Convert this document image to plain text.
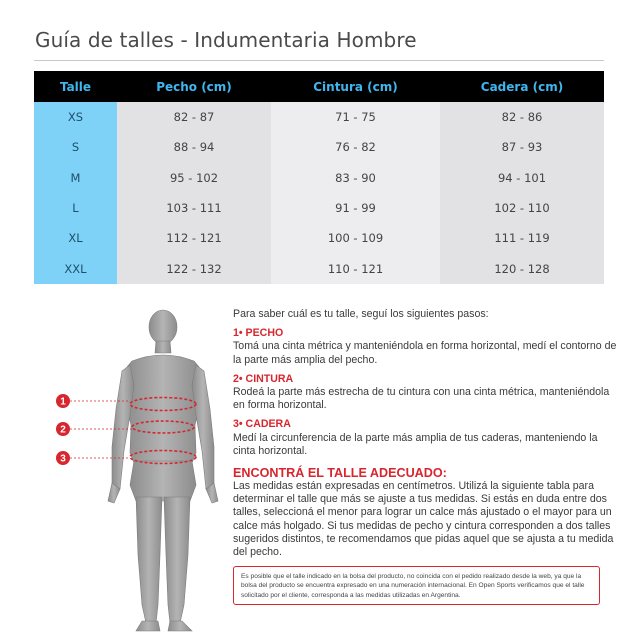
Guía de talles - Indumentaria Hombre
Talle	Pecho (cm)	Cintura (cm)	Cadera (cm)
XS	82 - 87	71 - 75	82 - 86
S	88 - 94	76 - 82	87 - 93
M	95 - 102	83 - 90	94 - 101
L	103 - 111	91 - 99	102 - 110
XL	112 - 121	100 - 109	111 - 119
XXL	122 - 132	110 - 121	120 - 128
1
2
3

Para saber cuál es tu talle, seguí los siguientes pasos:

1• PECHO

Tomá una cinta métrica y manteniéndola en forma horizontal, medí el contorno de la parte más amplia del pecho.

2• CINTURA

Rodeá la parte más estrecha de tu cintura con una cinta métrica, manteniéndola en forma horizontal.

3• CADERA

Medí la circunferencia de la parte más amplia de tus caderas, manteniendo la cinta horizontal.

ENCONTRÁ EL TALLE ADECUADO:

Las medidas están expresadas en centímetros. Utilizá la siguiente tabla para determinar el talle que más se ajuste a tus medidas. Si estás en duda entre dos talles, seleccioná el menor para lograr un calce más ajustado o el mayor para un calce más holgado. Si tus medidas de pecho y cintura corresponden a dos talles sugeridos distintos, te recomendamos que pidas aquel que se ajusta a tu medida del pecho.

Es posible que el talle indicado en la bolsa del producto, no coincida con el pedido realizado desde la web, ya que la bolsa del producto se encuentra expresado en una numeración internacional. En Open Sports verificamos que el talle solicitado por el cliente, corresponda a las medidas utilizadas en Argentina.
